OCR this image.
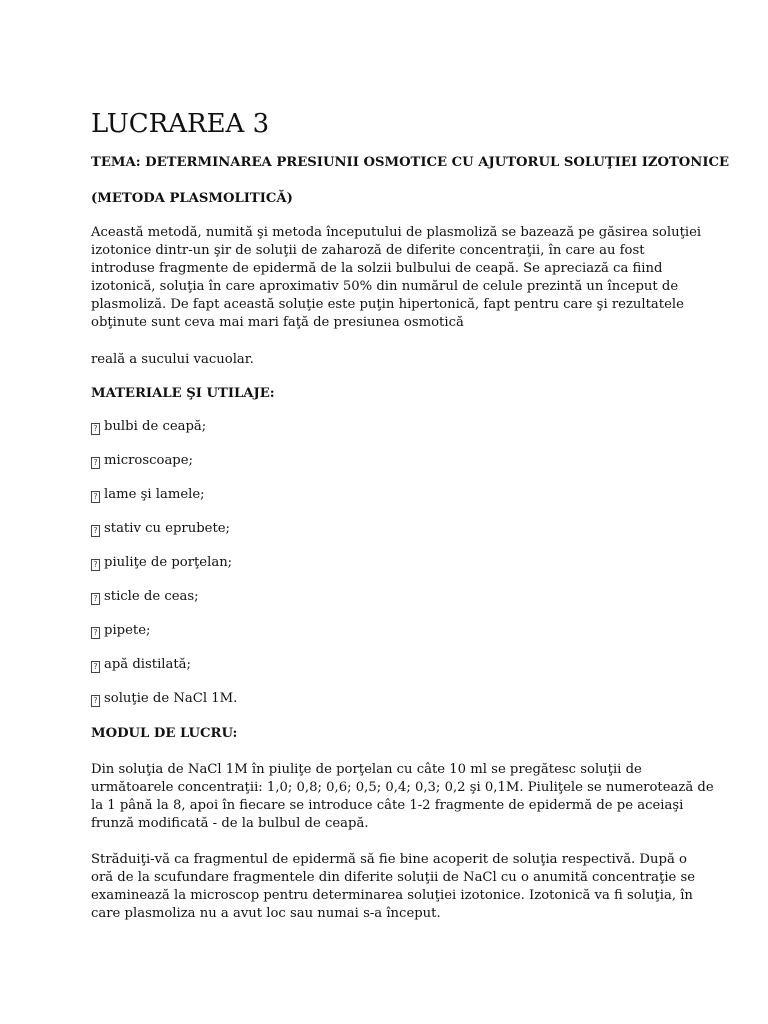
LUCRAREA 3
TEMA: DETERMINAREA PRESIUNII OSMOTICE CU AJUTORUL SOLUŢIEI IZOTONICE
(METODA PLASMOLITICĂ)
Această metodă, numită şi metoda începutului de plasmoliză se bazează pe găsirea soluţiei
izotonice dintr-un şir de soluţii de zaharoză de diferite concentraţii, în care au fost
introduse fragmente de epidermă de la solzii bulbului de ceapă. Se apreciază ca fiind
izotonică, soluţia în care aproximativ 50% din numărul de celule prezintă un început de
plasmoliză. De fapt această soluţie este puţin hipertonică, fapt pentru care şi rezultatele
obţinute sunt ceva mai mari faţă de presiunea osmotică
reală a sucului vacuolar.
MATERIALE ŞI UTILAJE:
? bulbi de ceapă;
? microscoape;
? lame şi lamele;
? stativ cu eprubete;
? piuliţe de porţelan;
? sticle de ceas;
? pipete;
? apă distilată;
? soluţie de NaCl 1M.
MODUL DE LUCRU:
Din soluţia de NaCl 1M în piuliţe de porţelan cu câte 10 ml se pregătesc soluţii de
următoarele concentraţii: 1,0; 0,8; 0,6; 0,5; 0,4; 0,3; 0,2 şi 0,1M. Piuliţele se numerotează de
la 1 până la 8, apoi în fiecare se introduce câte 1-2 fragmente de epidermă de pe aceiaşi
frunză modificată - de la bulbul de ceapă.
Străduiţi-vă ca fragmentul de epidermă să fie bine acoperit de soluţia respectivă. După o
oră de la scufundare fragmentele din diferite soluţii de NaCl cu o anumită concentraţie se
examinează la microscop pentru determinarea soluţiei izotonice. Izotonică va fi soluţia, în
care plasmoliza nu a avut loc sau numai s-a început.
